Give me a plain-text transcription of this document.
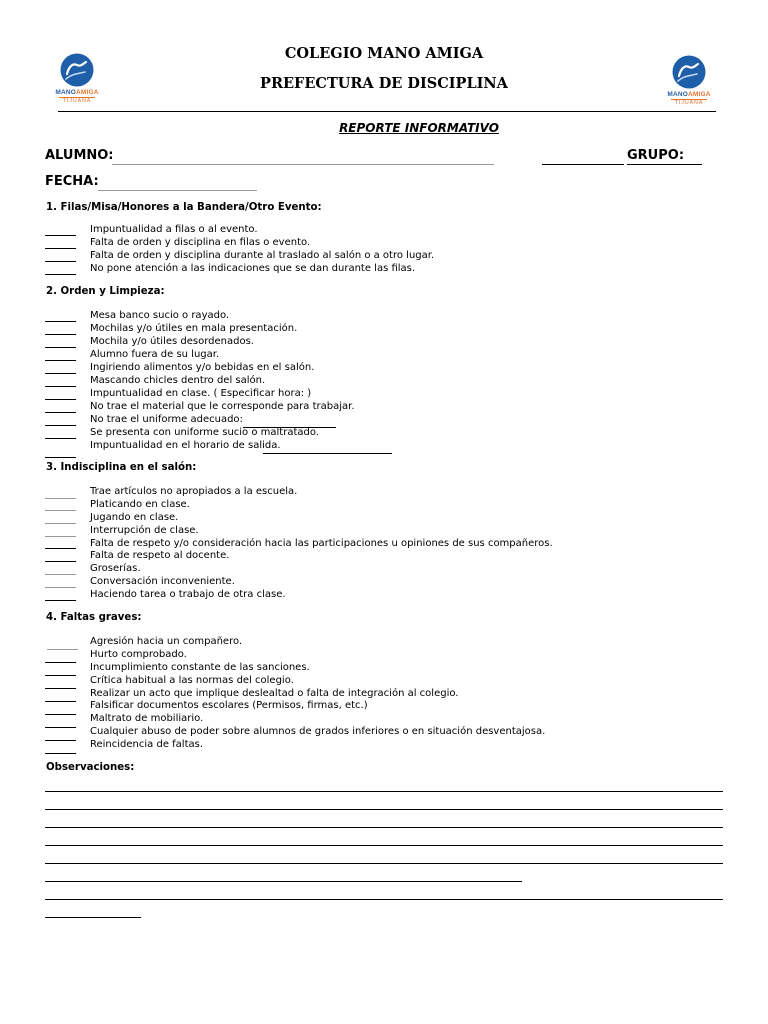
MANOAMIGA
TIJUANA
MANOAMIGA
TIJUANA
COLEGIO MANO AMIGA
PREFECTURA DE DISCIPLINA
REPORTE INFORMATIVO
ALUMNO:	GRUPO:
FECHA:
1. Filas/Misa/Honores a la Bandera/Otro Evento:
Impuntualidad a filas o al evento.
Falta de orden y disciplina en filas o evento.
Falta de orden y disciplina durante al traslado al salón o a otro lugar.
No pone atención a las indicaciones que se dan durante las filas.
2. Orden y Limpieza:
Mesa banco sucio o rayado.
Mochilas y/o útiles en mala presentación.
Mochila y/o útiles desordenados.
Alumno fuera de su lugar.
Ingiriendo alimentos y/o bebidas en el salón.
Mascando chicles dentro del salón.
Impuntualidad en clase. ( Especificar hora: )
No trae el material que le corresponde para trabajar.
No trae el uniforme adecuado:
Se presenta con uniforme sucio o maltratado.
Impuntualidad en el horario de salida.
3. Indisciplina en el salón:
Trae artículos no apropiados a la escuela.
Platicando en clase.
Jugando en clase.
Interrupción de clase.
Falta de respeto y/o consideración hacia las participaciones u opiniones de sus compañeros.
Falta de respeto al docente.
Groserías.
Conversación inconveniente.
Haciendo tarea o trabajo de otra clase.
4. Faltas graves:
Agresión hacia un compañero.
Hurto comprobado.
Incumplimiento constante de las sanciones.
Crítica habitual a las normas del colegio.
Realizar un acto que implique deslealtad o falta de integración al colegio.
Falsificar documentos escolares (Permisos, firmas, etc.)
Maltrato de mobiliario.
Cualquier abuso de poder sobre alumnos de grados inferiores o en situación desventajosa.
Reincidencia de faltas.
Observaciones:
